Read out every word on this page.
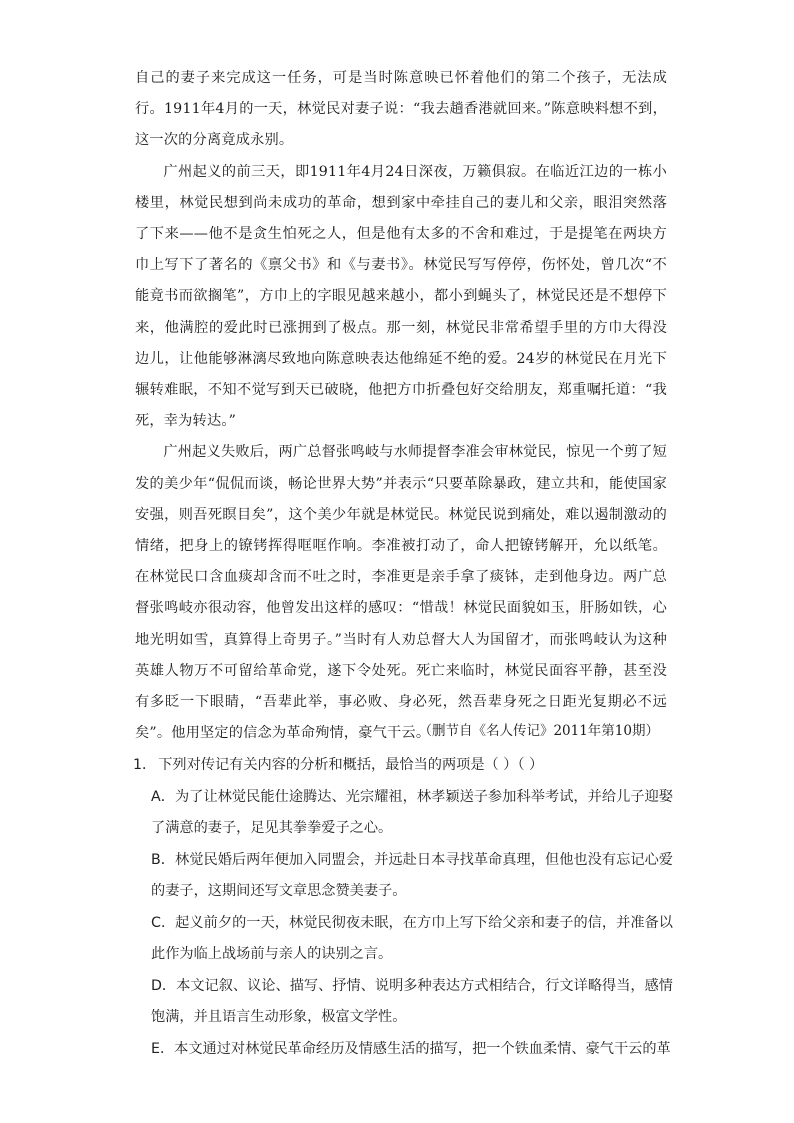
自己的妻子来完成这一任务，可是当时陈意映已怀着他们的第二个孩子，无法成行。1911年4月的一天，林觉民对妻子说：“我去趟香港就回来。”陈意映料想不到，这一次的分离竟成永别。

广州起义的前三天，即1911年4月24日深夜，万籁俱寂。在临近江边的一栋小楼里，林觉民想到尚未成功的革命，想到家中牵挂自己的妻儿和父亲，眼泪突然落了下来——他不是贪生怕死之人，但是他有太多的不舍和难过，于是提笔在两块方巾上写下了著名的《禀父书》和《与妻书》。林觉民写写停停，伤怀处，曾几次“不能竟书而欲搁笔”，方巾上的字眼见越来越小，都小到蝇头了，林觉民还是不想停下来，他满腔的爱此时已涨拥到了极点。那一刻，林觉民非常希望手里的方巾大得没边儿，让他能够淋漓尽致地向陈意映表达他绵延不绝的爱。24岁的林觉民在月光下辗转难眠，不知不觉写到天已破晓，他把方巾折叠包好交给朋友，郑重嘱托道：“我死，幸为转达。”

广州起义失败后，两广总督张鸣岐与水师提督李准会审林觉民，惊见一个剪了短发的美少年“侃侃而谈，畅论世界大势”并表示“只要革除暴政，建立共和，能使国家安强，则吾死瞑目矣”，这个美少年就是林觉民。林觉民说到痛处，难以遏制激动的情绪，把身上的镣铐挥得哐哐作响。李准被打动了，命人把镣铐解开，允以纸笔。在林觉民口含血痰却含而不吐之时，李准更是亲手拿了痰钵，走到他身边。两广总督张鸣岐亦很动容，他曾发出这样的感叹：“惜哉！林觉民面貌如玉，肝肠如铁，心地光明如雪，真算得上奇男子。”当时有人劝总督大人为国留才，而张鸣岐认为这种英雄人物万不可留给革命党，遂下令处死。死亡来临时，林觉民面容平静，甚至没有多眨一下眼睛，“吾辈此举，事必败、身必死，然吾辈身死之日距光复期必不远矣”。他用坚定的信念为革命殉情，豪气干云。

（删节自《名人传记》2011年第10期）

1． 下列对传记有关内容的分析和概括，最恰当的两项是（ ）（ ）

A．为了让林觉民能仕途腾达、光宗耀祖，林孝颖送子参加科举考试，并给儿子迎娶了满意的妻子，足见其拳拳爱子之心。

B．林觉民婚后两年便加入同盟会，并远赴日本寻找革命真理，但他也没有忘记心爱的妻子，这期间还写文章思念赞美妻子。

C．起义前夕的一天，林觉民彻夜未眠，在方巾上写下给父亲和妻子的信，并准备以此作为临上战场前与亲人的诀别之言。

D．本文记叙、议论、描写、抒情、说明多种表达方式相结合，行文详略得当，感情饱满，并且语言生动形象，极富文学性。

E．本文通过对林觉民革命经历及情感生活的描写，把一个铁血柔情、豪气干云的革
